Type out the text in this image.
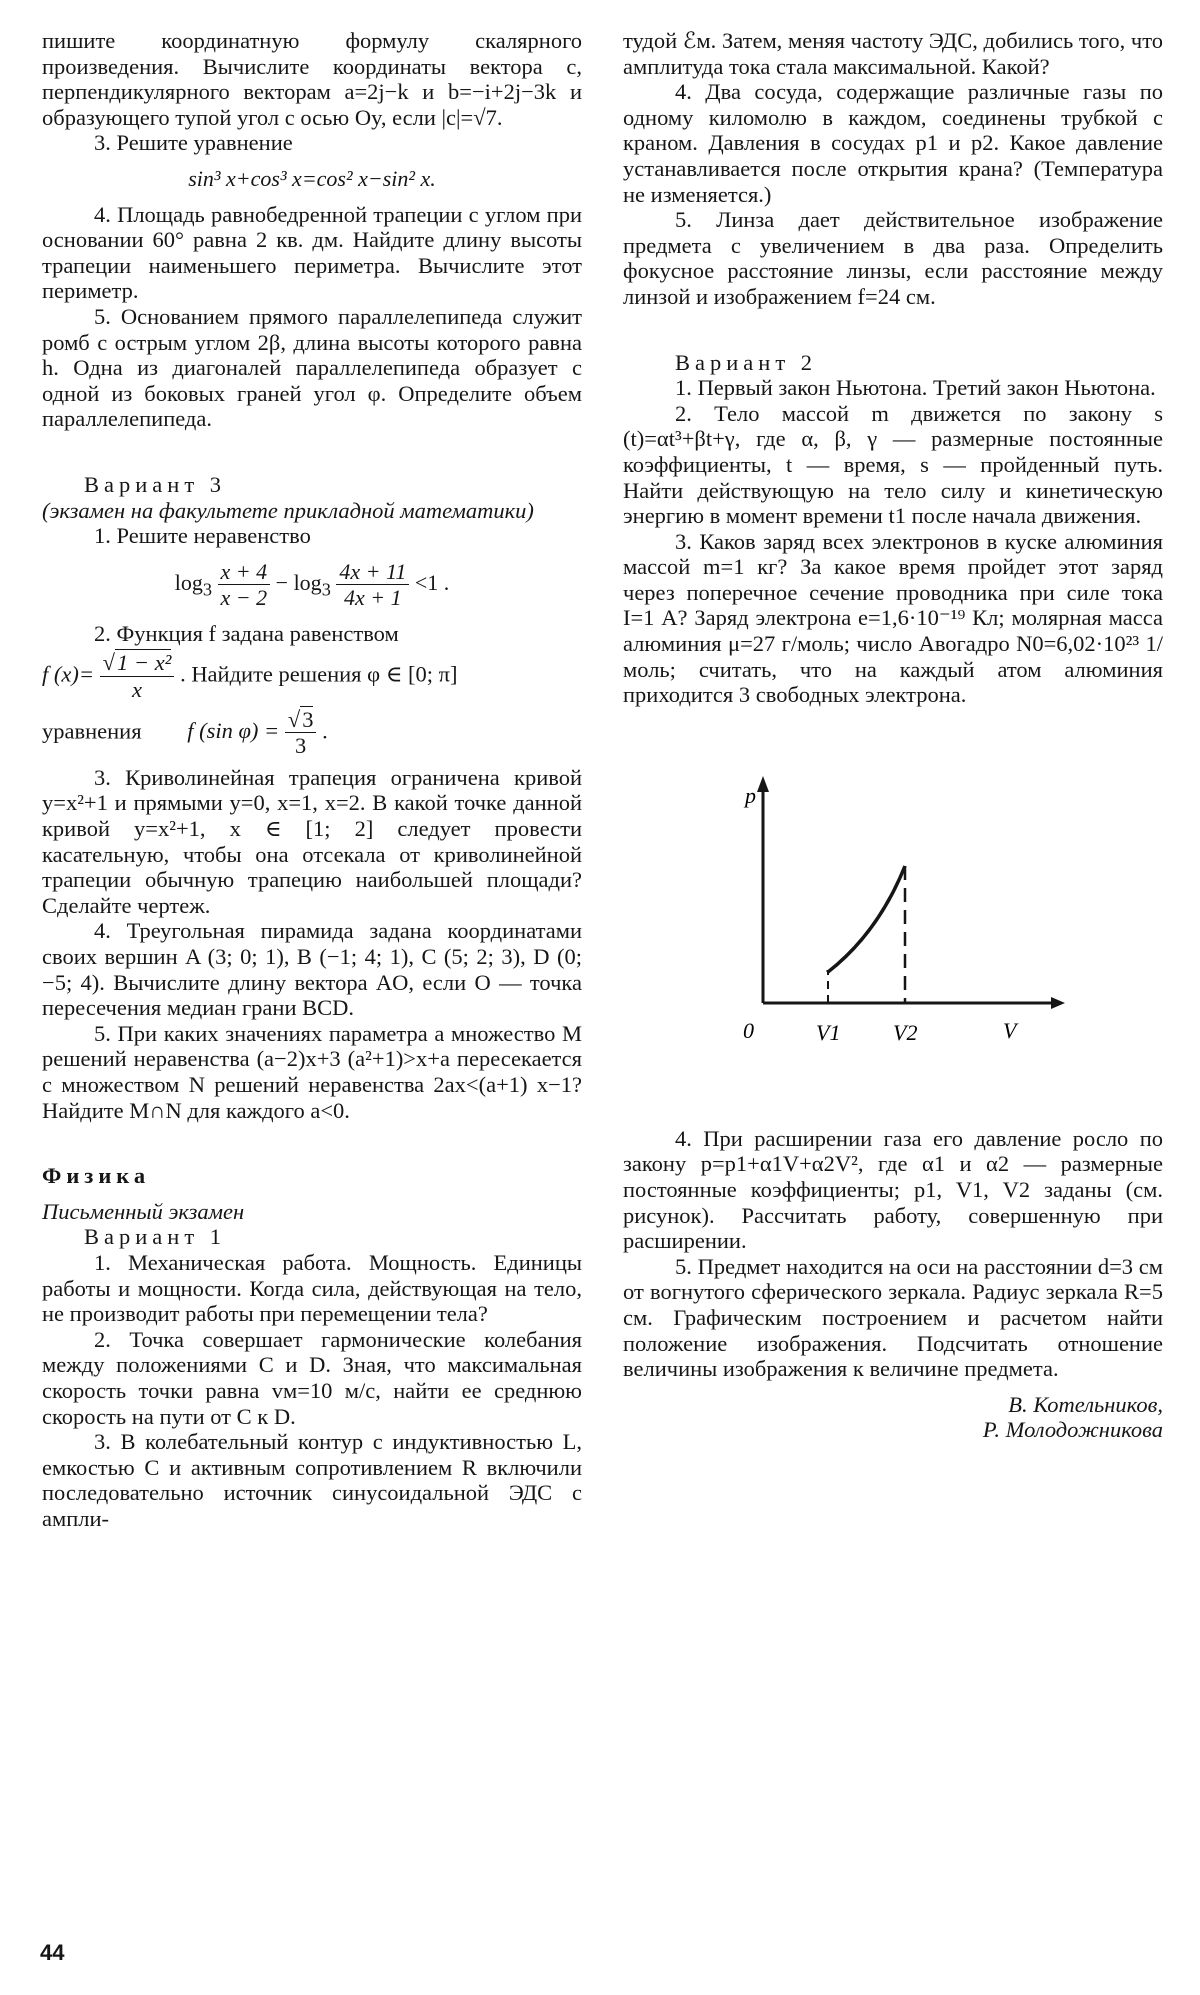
пишите координатную формулу скалярного произведения. Вычислите координаты вектора c, перпендикулярного векторам a=2j−k и b=−i+2j−3k и образующего тупой угол с осью Oy, если |c|=√7.

3. Решите уравнение

sin³ x+cos³ x=cos² x−sin² x.

4. Площадь равнобедренной трапеции с углом при основании 60° равна 2 кв. дм. Найдите длину высоты трапеции наименьшего периметра. Вычислите этот периметр.

5. Основанием прямого параллелепипеда служит ромб с острым углом 2β, длина высоты которого равна h. Одна из диагоналей параллелепипеда образует с одной из боковых граней угол φ. Определите объем параллелепипеда.

Вариант 3

(экзамен на факультете прикладной математики)

1. Решите неравенство

$\log_3 \frac{x + 4}{x - 2} - \log_3 \frac{4x + 11}{4x + 1} <1$ .

2. Функция f задана равенством

f $(x)= \frac{\text{√1 − x²}}{x}$ . Найдите решения φ ∈ [0; π]
уравнения f (sin $\varphi) = \frac{√3}{3}$ .

3. Криволинейная трапеция ограничена кривой y=x²+1 и прямыми y=0, x=1, x=2. В какой точке данной кривой y=x²+1, x ∈ [1; 2] следует провести касательную, чтобы она отсекала от криволинейной трапеции обычную трапецию наибольшей площади? Сделайте чертеж.

4. Треугольная пирамида задана координатами своих вершин A (3; 0; 1), B (−1; 4; 1), C (5; 2; 3), D (0; −5; 4). Вычислите длину вектора AO, если O — точка пересечения медиан грани BCD.

5. При каких значениях параметра a множество M решений неравенства (a−2)x+3 (a²+1)>x+a пересекается с множеством N решений неравенства 2ax<(a+1) x−1? Найдите M∩N для каждого a<0.

Физика

Письменный экзамен

Вариант 1

1. Механическая работа. Мощность. Единицы работы и мощности. Когда сила, действующая на тело, не производит работы при перемещении тела?

2. Точка совершает гармонические колебания между положениями C и D. Зная, что максимальная скорость точки равна vм=10 м/с, найти ее среднюю скорость на пути от C к D.

3. В колебательный контур с индуктивностью L, емкостью C и активным сопротивлением R включили последовательно источник синусоидальной ЭДС с ампли-

тудой ℰм. Затем, меняя частоту ЭДС, добились того, что амплитуда тока стала максимальной. Какой?

4. Два сосуда, содержащие различные газы по одному киломолю в каждом, соединены трубкой с краном. Давления в сосудах p1 и p2. Какое давление устанавливается после открытия крана? (Температура не изменяется.)

5. Линза дает действительное изображение предмета с увеличением в два раза. Определить фокусное расстояние линзы, если расстояние между линзой и изображением f=24 см.

Вариант 2

1. Первый закон Ньютона. Третий закон Ньютона.

2. Тело массой m движется по закону s (t)=αt³+βt+γ, где α, β, γ — размерные постоянные коэффициенты, t — время, s — пройденный путь. Найти действующую на тело силу и кинетическую энергию в момент времени t1 после начала движения.

3. Каков заряд всех электронов в куске алюминия массой m=1 кг? За какое время пройдет этот заряд через поперечное сечение проводника при силе тока I=1 А? Заряд электрона e=1,6·10⁻¹⁹ Кл; молярная масса алюминия μ=27 г/моль; число Авогадро N0=6,02·10²³ 1/моль; считать, что на каждый атом алюминия приходится 3 свободных электрона.

p
0	V1 V2	V

4. При расширении газа его давление росло по закону p=p1+α1V+α2V², где α1 и α2 — размерные постоянные коэффициенты; p1, V1, V2 заданы (см. рисунок). Рассчитать работу, совершенную при расширении.

5. Предмет находится на оси на расстоянии d=3 см от вогнутого сферического зеркала. Радиус зеркала R=5 см. Графическим построением и расчетом найти положение изображения. Подсчитать отношение величины изображения к величине предмета.

В. Котельников,

Р. Молодожникова

44
